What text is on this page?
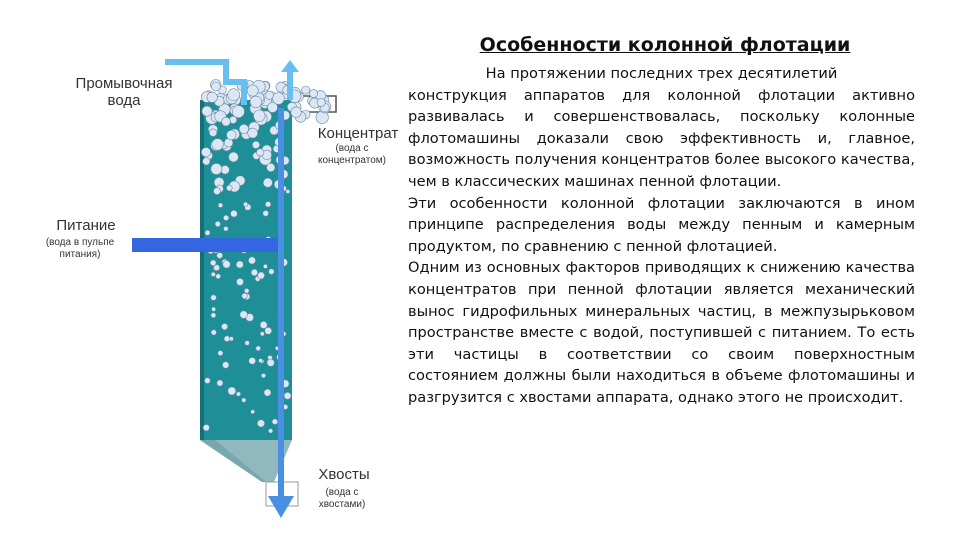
Промывочная вода
Концентрат
(вода с концентратом)
Питание
(вода в пульпе питания)
Хвосты
(вода с хвостами)
Особенности колонной флотации

На протяжении последних трех десятилетий

конструкция аппаратов для колонной флотации активно развивалась и совершенствовалась, поскольку колонные флотомашины доказали свою эффективность и, главное, возможность получения концентратов более высокого качества, чем в классических машинах пенной флотации.

Эти особенности колонной флотации заключаются в ином принципе распределения воды между пенным и камерным продуктом, по сравнению с пенной флотацией.

Одним из основных факторов приводящих к снижению качества концентратов при пенной флотации является механический вынос гидрофильных минеральных частиц, в межпузырьковом пространстве вместе с водой, поступившей с питанием. То есть эти частицы в соответствии со своим поверхностным состоянием должны были находиться в объеме флотомашины и разгрузится с хвостами аппарата, однако этого не происходит.
